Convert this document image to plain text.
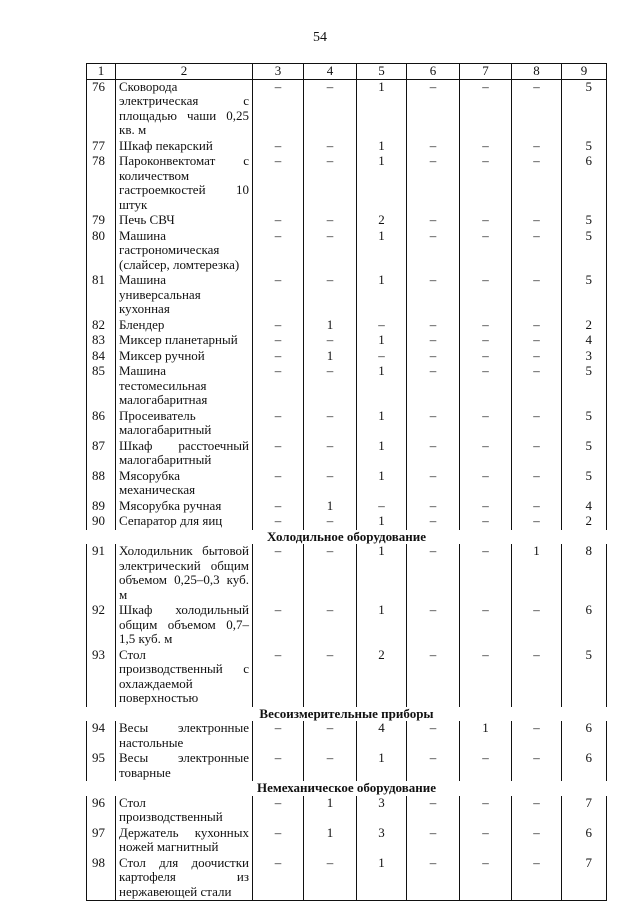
54
1	2	3	4	5	6	7	8	9
76	Сковорода электрическая с площадью чаши 0,25 кв. м	–	–	1	–	–	–	5
77	Шкаф пекарский	–	–	1	–	–	–	5
78	Пароконвектомат с количеством гастроемкостей 10 штук	–	–	1	–	–	–	6
79	Печь СВЧ	–	–	2	–	–	–	5
80	Машина гастрономическая (слайсер, ломтерезка)	–	–	1	–	–	–	5
81	Машина универсальная кухонная	–	–	1	–	–	–	5
82	Блендер	–	1	–	–	–	–	2
83	Миксер планетарный	–	–	1	–	–	–	4
84	Миксер ручной	–	1	–	–	–	–	3
85	Машина тестомесильная малогабаритная	–	–	1	–	–	–	5
86	Просеиватель малогабаритный	–	–	1	–	–	–	5
87	Шкаф расстоечный малогабаритный	–	–	1	–	–	–	5
88	Мясорубка механическая	–	–	1	–	–	–	5
89	Мясорубка ручная	–	1	–	–	–	–	4
90	Сепаратор для яиц	–	–	1	–	–	–	2
Холодильное оборудование								
91	Холодильник бытовой электрический общим объемом 0,25–0,3 куб. м	–	–	1	–	–	1	8
92	Шкаф холодильный общим объемом 0,7–1,5 куб. м	–	–	1	–	–	–	6
93	Стол производственный с охлаждаемой поверхностью	–	–	2	–	–	–	5
Весоизмерительные приборы								
94	Весы электронные настольные	–	–	4	–	1	–	6
95	Весы электронные товарные	–	–	1	–	–	–	6
Немеханическое оборудование								
96	Стол производственный	–	1	3	–	–	–	7
97	Держатель кухонных ножей магнитный	–	1	3	–	–	–	6
98	Стол для доочистки картофеля из нержавеющей стали	–	–	1	–	–	–	7
